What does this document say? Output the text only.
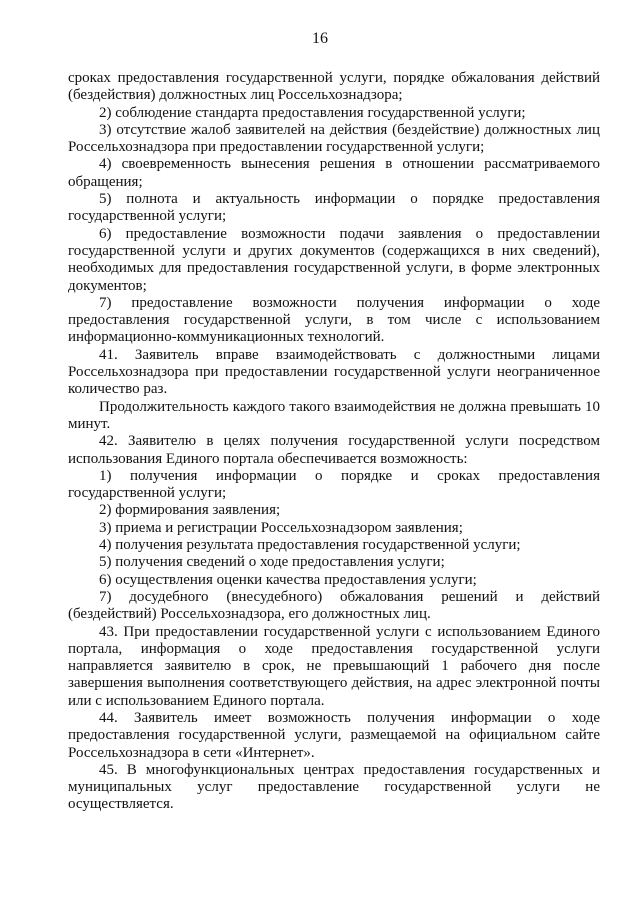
16

сроках предоставления государственной услуги, порядке обжалования действий (бездействия) должностных лиц Россельхознадзора;

2) соблюдение стандарта предоставления государственной услуги;

3) отсутствие жалоб заявителей на действия (бездействие) должностных лиц Россельхознадзора при предоставлении государственной услуги;

4) своевременность вынесения решения в отношении рассматриваемого обращения;

5) полнота и актуальность информации о порядке предоставления государственной услуги;

6) предоставление возможности подачи заявления о предоставлении государственной услуги и других документов (содержащихся в них сведений), необходимых для предоставления государственной услуги, в форме электронных документов;

7) предоставление возможности получения информации о ходе предоставления государственной услуги, в том числе с использованием информационно-коммуникационных технологий.

41. Заявитель вправе взаимодействовать с должностными лицами Россельхознадзора при предоставлении государственной услуги неограниченное количество раз.

Продолжительность каждого такого взаимодействия не должна превышать 10 минут.

42. Заявителю в целях получения государственной услуги посредством использования Единого портала обеспечивается возможность:

1) получения информации о порядке и сроках предоставления государственной услуги;

2) формирования заявления;

3) приема и регистрации Россельхознадзором заявления;

4) получения результата предоставления государственной услуги;

5) получения сведений о ходе предоставления услуги;

6) осуществления оценки качества предоставления услуги;

7) досудебного (внесудебного) обжалования решений и действий (бездействий) Россельхознадзора, его должностных лиц.

43. При предоставлении государственной услуги с использованием Единого портала, информация о ходе предоставления государственной услуги направляется заявителю в срок, не превышающий 1 рабочего дня после завершения выполнения соответствующего действия, на адрес электронной почты или с использованием Единого портала.

44. Заявитель имеет возможность получения информации о ходе предоставления государственной услуги, размещаемой на официальном сайте Россельхознадзора в сети «Интернет».

45. В многофункциональных центрах предоставления государственных и муниципальных услуг предоставление государственной услуги не осуществляется.
